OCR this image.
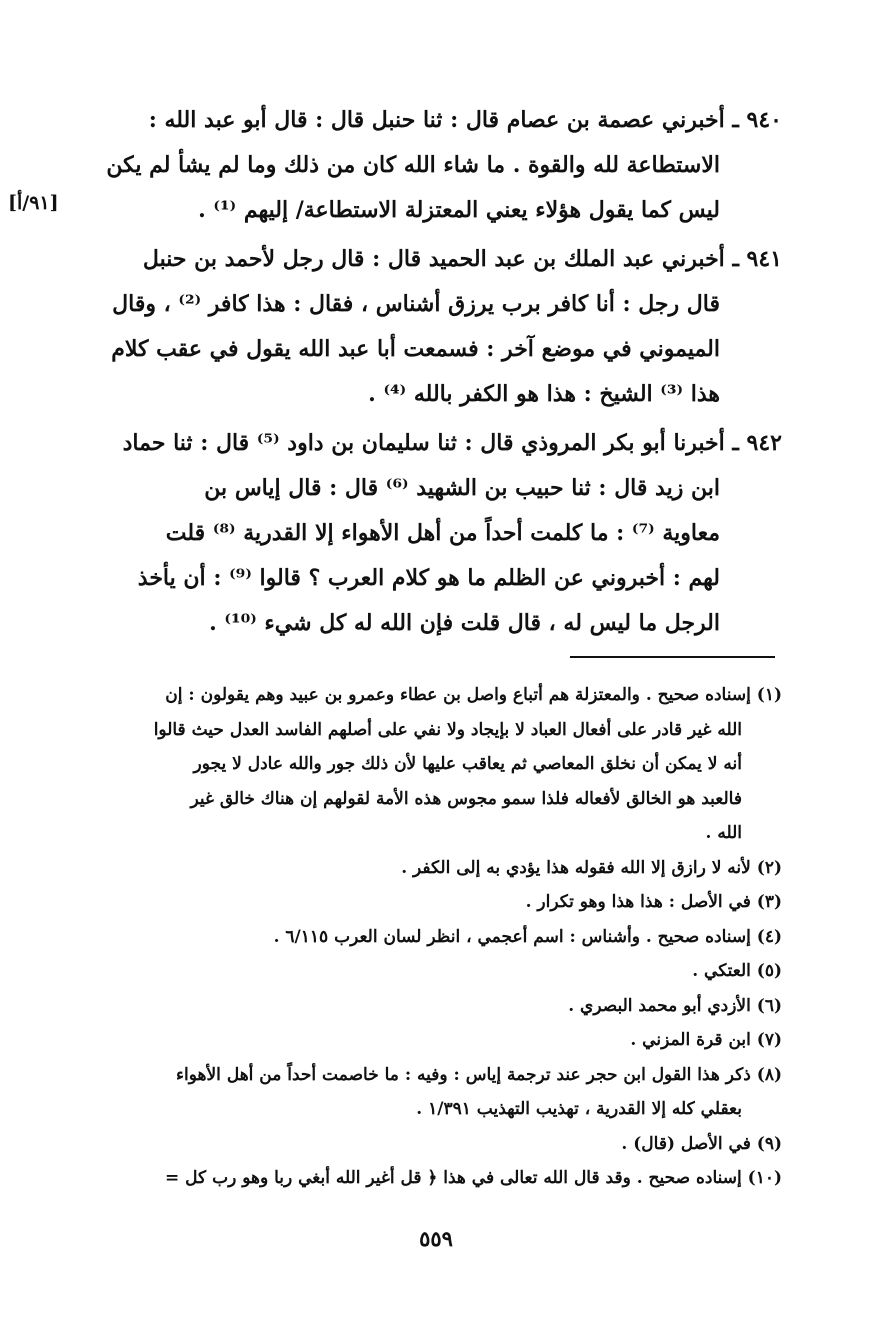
[٩١/أ]
٩٤٠ ـ أخبرني عصمة بن عصام قال : ثنا حنبل قال : قال أبو عبد الله :
الاستطاعة لله والقوة . ما شاء الله كان من ذلك وما لم يشأ لم يكن
ليس كما يقول هؤلاء يعني المعتزلة الاستطاعة/ إليهم ⁽¹⁾ .
٩٤١ ـ أخبرني عبد الملك بن عبد الحميد قال : قال رجل لأحمد بن حنبل
قال رجل : أنا كافر برب يرزق أشناس ، فقال : هذا كافر ⁽²⁾ ، وقال
الميموني في موضع آخر : فسمعت أبا عبد الله يقول في عقب كلام
هذا ⁽³⁾ الشيخ : هذا هو الكفر بالله ⁽⁴⁾ .
٩٤٢ ـ أخبرنا أبو بكر المروذي قال : ثنا سليمان بن داود ⁽⁵⁾ قال : ثنا حماد
ابن زيد قال : ثنا حبيب بن الشهيد ⁽⁶⁾ قال : قال إياس بن
معاوية ⁽⁷⁾ : ما كلمت أحداً من أهل الأهواء إلا القدرية ⁽⁸⁾ قلت
لهم : أخبروني عن الظلم ما هو كلام العرب ؟ قالوا ⁽⁹⁾ : أن يأخذ
الرجل ما ليس له ، قال قلت فإن الله له كل شيء ⁽¹⁰⁾ .
(١) إسناده صحيح . والمعتزلة هم أتباع واصل بن عطاء وعمرو بن عبيد وهم يقولون : إن
الله غير قادر على أفعال العباد لا بإيجاد ولا نفي على أصلهم الفاسد العدل حيث قالوا
أنه لا يمكن أن نخلق المعاصي ثم يعاقب عليها لأن ذلك جور والله عادل لا يجور
فالعبد هو الخالق لأفعاله فلذا سمو مجوس هذه الأمة لقولهم إن هناك خالق غير
الله .
(٢) لأنه لا رازق إلا الله فقوله هذا يؤدي به إلى الكفر .
(٣) في الأصل : هذا هذا وهو تكرار .
(٤) إسناده صحيح . وأشناس : اسم أعجمي ، انظر لسان العرب ٦/١١٥ .
(٥) العتكي .
(٦) الأزدي أبو محمد البصري .
(٧) ابن قرة المزني .
(٨) ذكر هذا القول ابن حجر عند ترجمة إياس : وفيه : ما خاصمت أحداً من أهل الأهواء
بعقلي كله إلا القدرية ، تهذيب التهذيب ١/٣٩١ .
(٩) في الأصل (قال) .
(١٠) إسناده صحيح . وقد قال الله تعالى في هذا ﴿ قل أغير الله أبغي ربا وهو رب كل =
٥٥٩
